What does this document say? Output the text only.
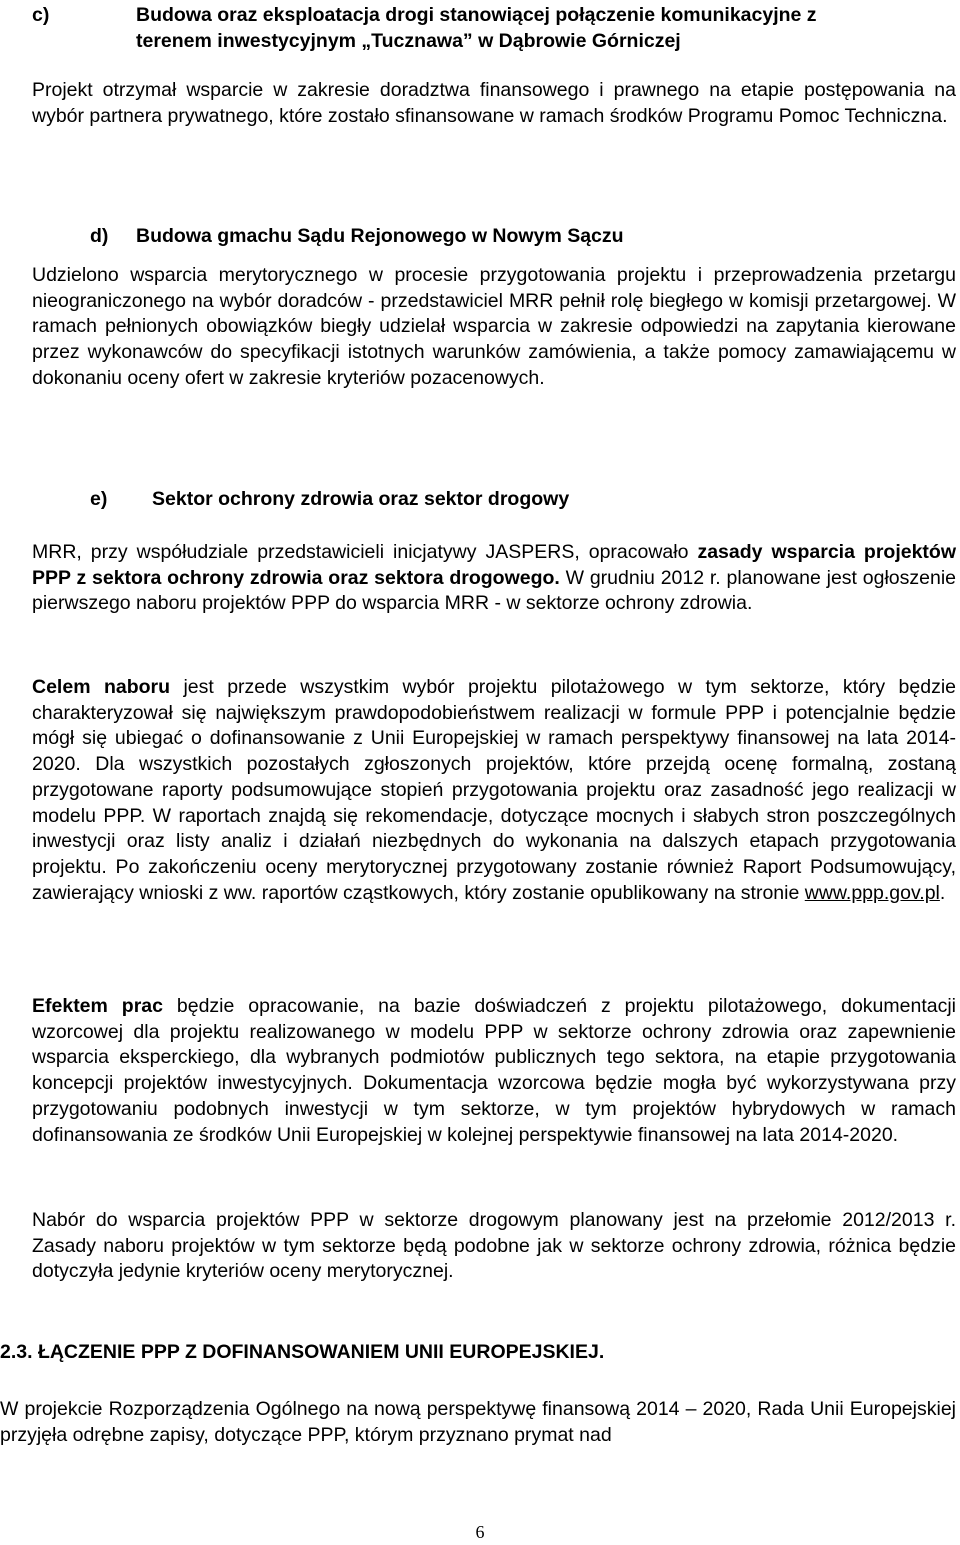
c)	Budowa oraz eksploatacja drogi stanowiącej połączenie komunikacyjne z
terenem inwestycyjnym „Tucznawa” w Dąbrowie Górniczej
Projekt otrzymał wsparcie w zakresie doradztwa finansowego i prawnego na etapie postępowania na wybór partnera prywatnego, które zostało sfinansowane w ramach środków Programu Pomoc Techniczna.
d) Budowa gmachu Sądu Rejonowego w Nowym Sączu
Udzielono wsparcia merytorycznego w procesie przygotowania projektu i przeprowadzenia przetargu nieograniczonego na wybór doradców - przedstawiciel MRR pełnił rolę biegłego w komisji przetargowej. W ramach pełnionych obowiązków biegły udzielał wsparcia w zakresie odpowiedzi na zapytania kierowane przez wykonawców do specyfikacji istotnych warunków zamówienia, a także pomocy zamawiającemu w dokonaniu oceny ofert w zakresie kryteriów pozacenowych.
e) Sektor ochrony zdrowia oraz sektor drogowy
MRR, przy współudziale przedstawicieli inicjatywy JASPERS, opracowało zasady wsparcia projektów PPP z sektora ochrony zdrowia oraz sektora drogowego. W grudniu 2012 r. planowane jest ogłoszenie pierwszego naboru projektów PPP do wsparcia MRR - w sektorze ochrony zdrowia.
Celem naboru jest przede wszystkim wybór projektu pilotażowego w tym sektorze, który będzie charakteryzował się największym prawdopodobieństwem realizacji w formule PPP i potencjalnie będzie mógł się ubiegać o dofinansowanie z Unii Europejskiej w ramach perspektywy finansowej na lata 2014-2020. Dla wszystkich pozostałych zgłoszonych projektów, które przejdą ocenę formalną, zostaną przygotowane raporty podsumowujące stopień przygotowania projektu oraz zasadność jego realizacji w modelu PPP. W raportach znajdą się rekomendacje, dotyczące mocnych i słabych stron poszczególnych inwestycji oraz listy analiz i działań niezbędnych do wykonania na dalszych etapach przygotowania projektu. Po zakończeniu oceny merytorycznej przygotowany zostanie również Raport Podsumowujący, zawierający wnioski z ww. raportów cząstkowych, który zostanie opublikowany na stronie www.ppp.gov.pl.
Efektem prac będzie opracowanie, na bazie doświadczeń z projektu pilotażowego, dokumentacji wzorcowej dla projektu realizowanego w modelu PPP w sektorze ochrony zdrowia oraz zapewnienie wsparcia eksperckiego, dla wybranych podmiotów publicznych tego sektora, na etapie przygotowania koncepcji projektów inwestycyjnych. Dokumentacja wzorcowa będzie mogła być wykorzystywana przy przygotowaniu podobnych inwestycji w tym sektorze, w tym projektów hybrydowych w ramach dofinansowania ze środków Unii Europejskiej w kolejnej perspektywie finansowej na lata 2014-2020.
Nabór do wsparcia projektów PPP w sektorze drogowym planowany jest na przełomie 2012/2013 r. Zasady naboru projektów w tym sektorze będą podobne jak w sektorze ochrony zdrowia, różnica będzie dotyczyła jedynie kryteriów oceny merytorycznej.
2.3. ŁĄCZENIE PPP Z DOFINANSOWANIEM UNII EUROPEJSKIEJ.
W projekcie Rozporządzenia Ogólnego na nową perspektywę finansową 2014 – 2020, Rada Unii Europejskiej przyjęła odrębne zapisy, dotyczące PPP, którym przyznano prymat nad
6
